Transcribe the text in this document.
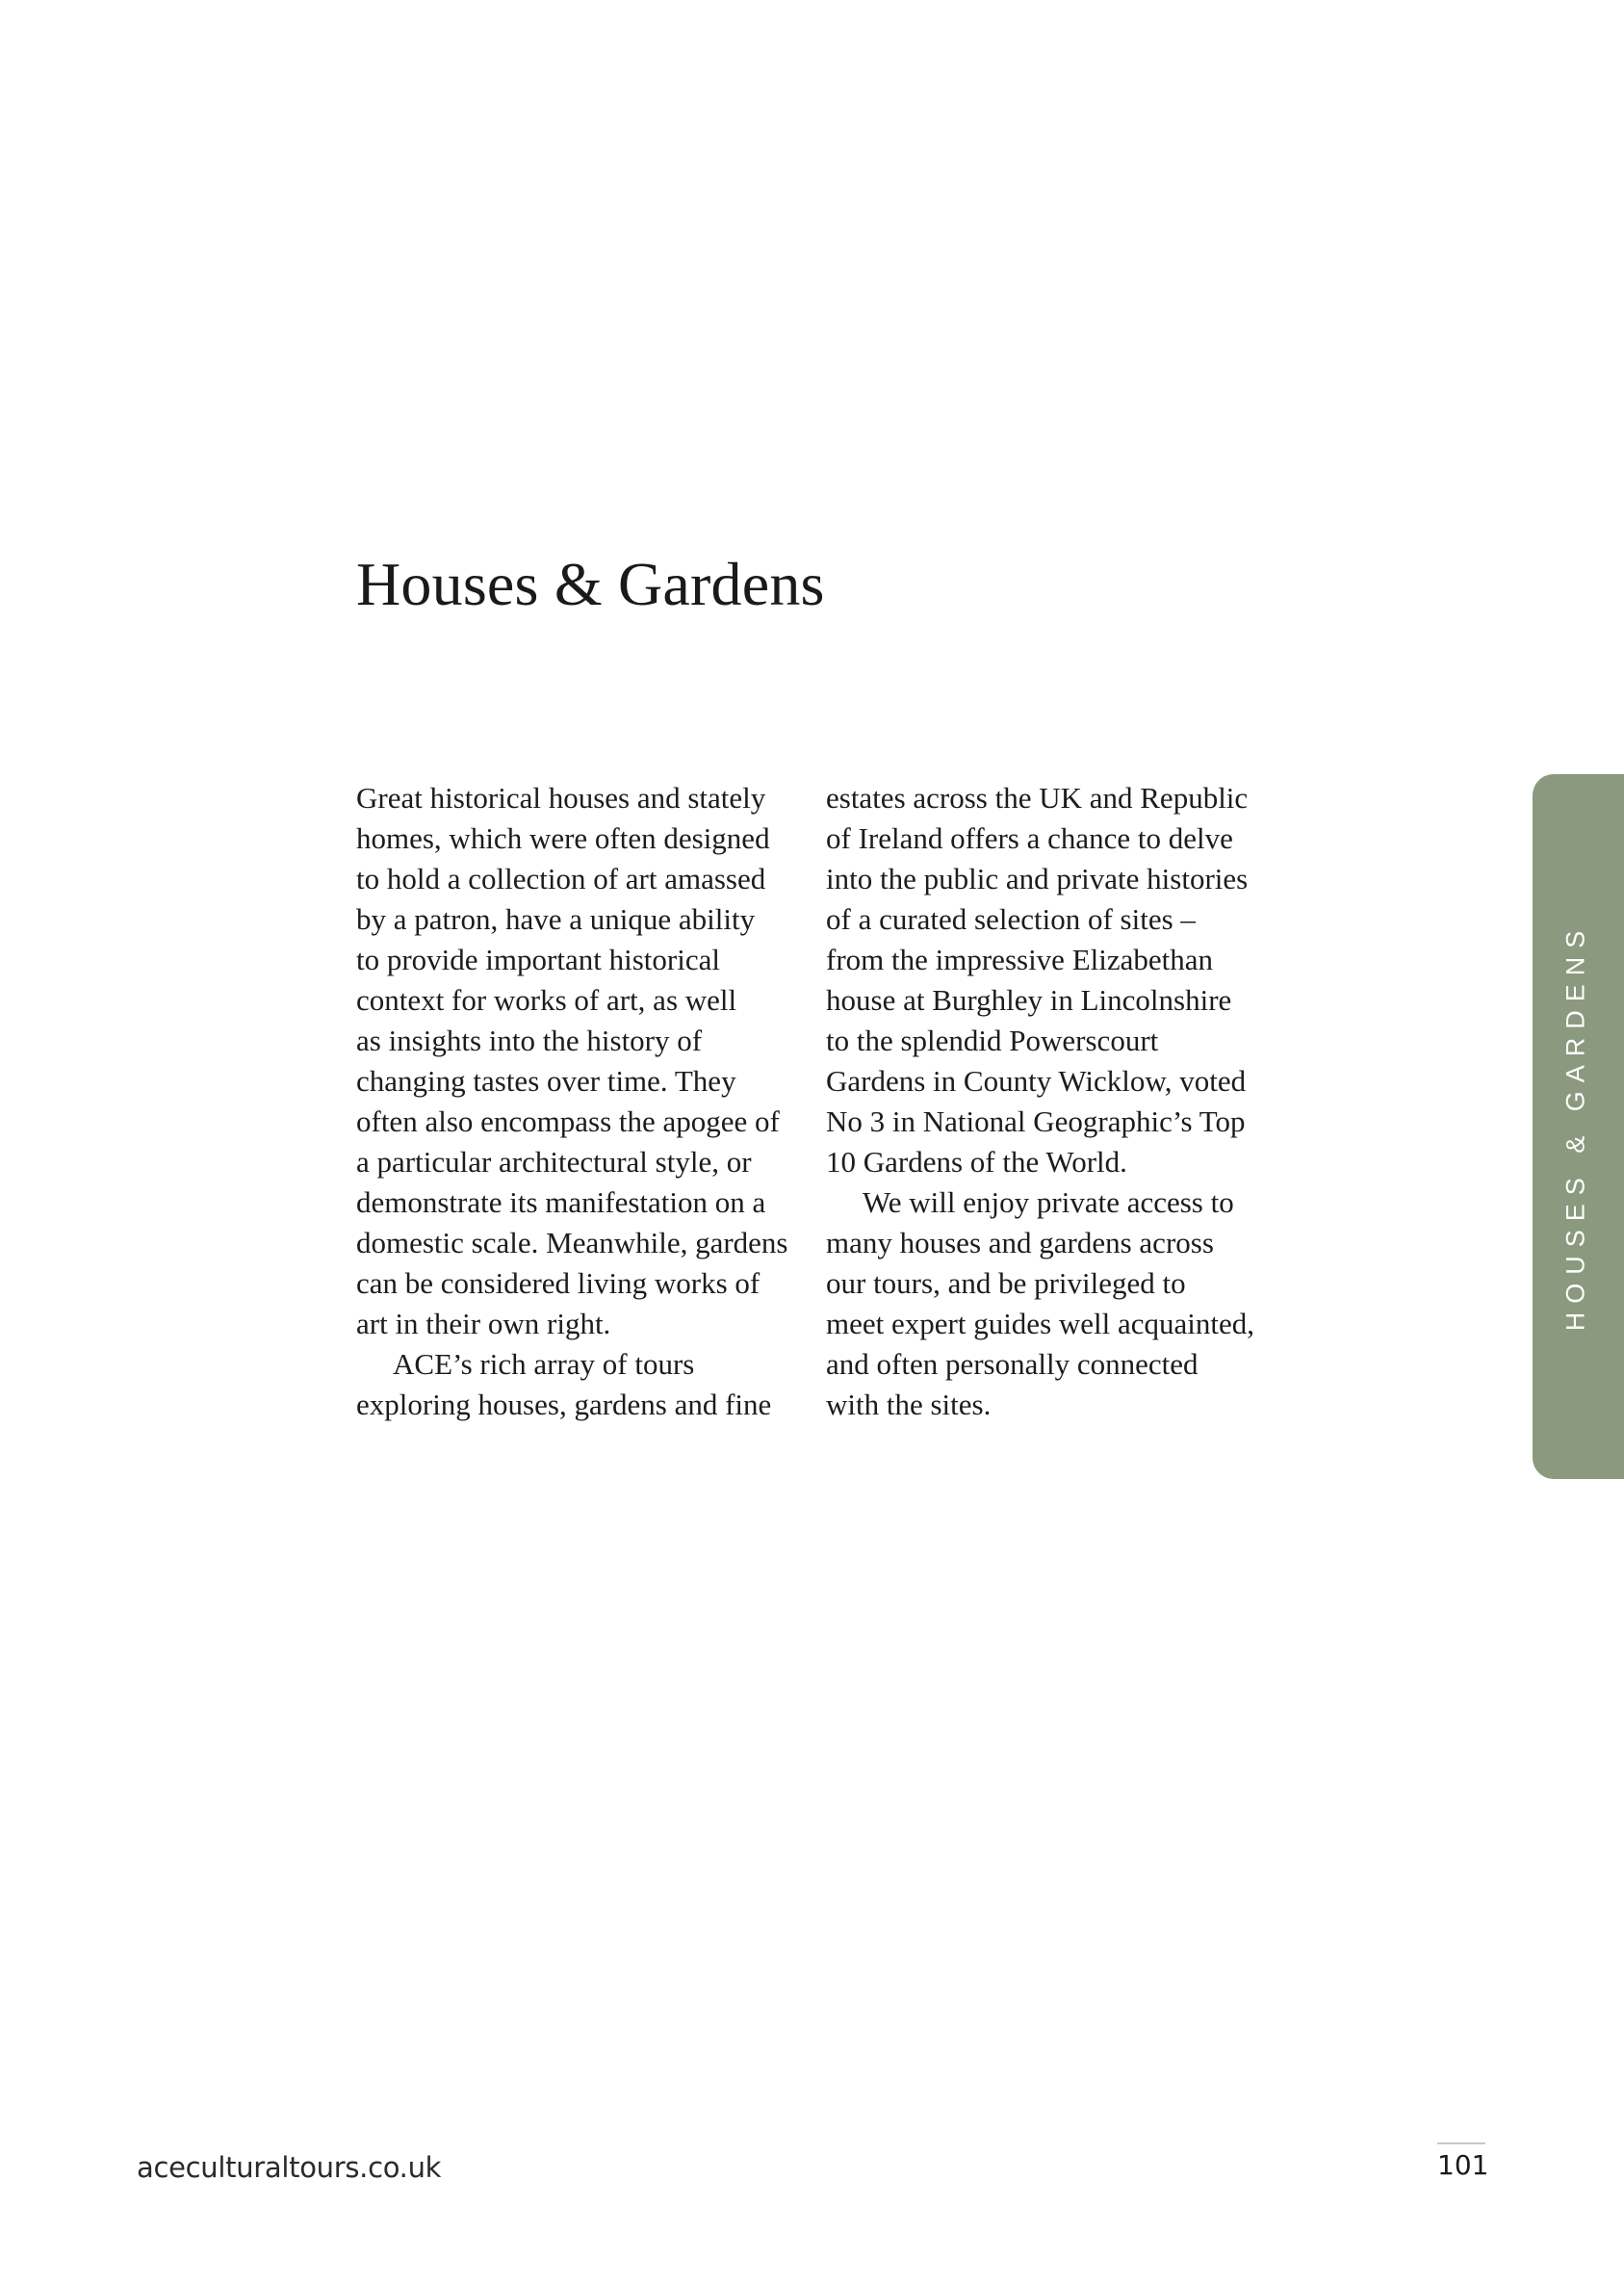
Houses & Gardens
Great historical houses and stately
homes, which were often designed
to hold a collection of art amassed
by a patron, have a unique ability
to provide important historical
context for works of art, as well
as insights into the history of
changing tastes over time. They
often also encompass the apogee of
a particular architectural style, or
demonstrate its manifestation on a
domestic scale. Meanwhile, gardens
can be considered living works of
art in their own right.
ACE’s rich array of tours
exploring houses, gardens and fine
estates across the UK and Republic
of Ireland offers a chance to delve
into the public and private histories
of a curated selection of sites –
from the impressive Elizabethan
house at Burghley in Lincolnshire
to the splendid Powerscourt
Gardens in County Wicklow, voted
No 3 in National Geographic’s Top
10 Gardens of the World.
We will enjoy private access to
many houses and gardens across
our tours, and be privileged to
meet expert guides well acquainted,
and often personally connected
with the sites.
HOUSES & GARDENS
aceculturaltours.co.uk	101
